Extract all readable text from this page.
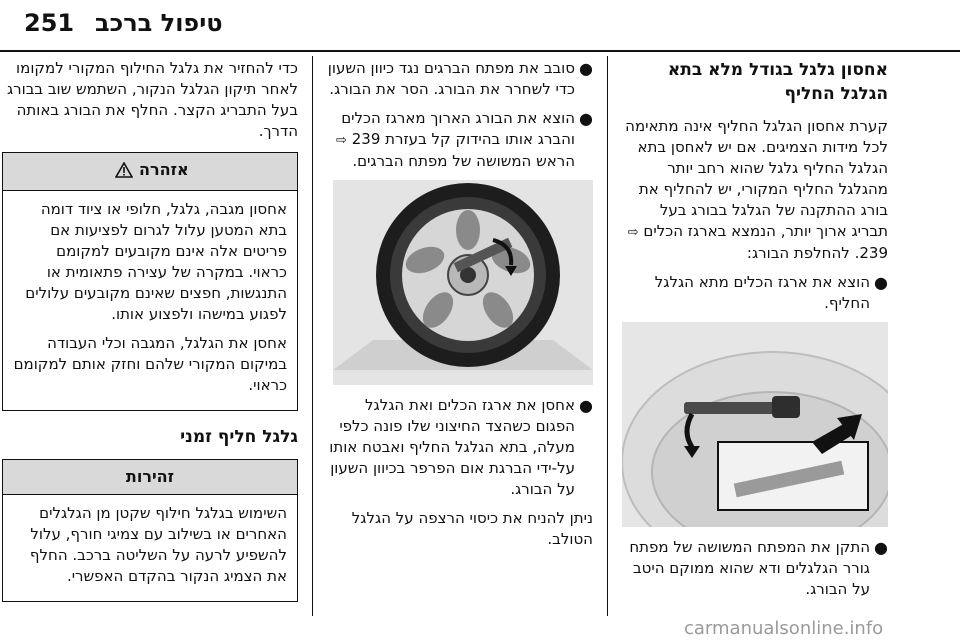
251 טיפול ברכב

כדי להחזיר את גלגל החילוף המקורי למקומו לאחר תיקון הגלגל הנקור, השתמש שוב בבורג בעל התבריג הקצר. החלף את הבורג באותה הדרך.

אזהרה

אחסון מגבה, גלגל, חלופי או ציוד דומה בתא המטען עלול לגרום לפציעות אם פריטים אלה אינם מקובעים למקומם כראוי. במקרה של עצירה פתאומית או התנגשות, חפצים שאינם מקובעים עלולים לפגוע במישהו ולפצוע אותו.

אחסן את הגלגל, המגבה וכלי העבודה במיקום המקורי שלהם וחזק אותם למקומם כראוי.

גלגל חליף זמני
זהירות

השימוש בגלגל חילוף שקטן מן הגלגלים האחרים או בשילוב עם צמיגי חורף, עלול להשפיע לרעה על השליטה ברכב. החלף את הצמיג הנקור בהקדם האפשרי.

●
סובב את מפתח הברגים נגד כיוון השעון כדי לשחרר את הבורג. הסר את הבורג.
●
הוצא את הבורג הארוך מארגז הכלים והברג אותו בהידוק קל בעזרת 239 ⇨ הראש המשושה של מפתח הברגים.
●
אחסן את ארגז הכלים ואת הגלגל הפגום כשהצד החיצוני שלו פונה כלפי מעלה, בתא הגלגל החליף ואבטח אותו על-ידי הברגת אום הפרפר בכיוון השעון על הבורג.

ניתן להניח את כיסוי הרצפה על הגלגל הטולב.

אחסון גלגל בגודל מלא בתא הגלגל החליף

קערת אחסון הגלגל החליף אינה מתאימה לכל מידות הצמיגים. אם יש לאחסן בתא הגלגל החליף גלגל שהוא רחב יותר מהגלגל החליף המקורי, יש להחליף את בורג ההתקנה של הגלגל בבורג בעל תבריג ארוך יותר, הנמצא בארגז הכלים ⇨ 239. להחלפת הבורג:

●
הוצא את ארגז הכלים מתא הגלגל החליף.
●
התקן את המפתח המשושה של מפתח גורר הגלגלים ודא שהוא ממוקם היטב על הבורג.
carmanualsonline.info
